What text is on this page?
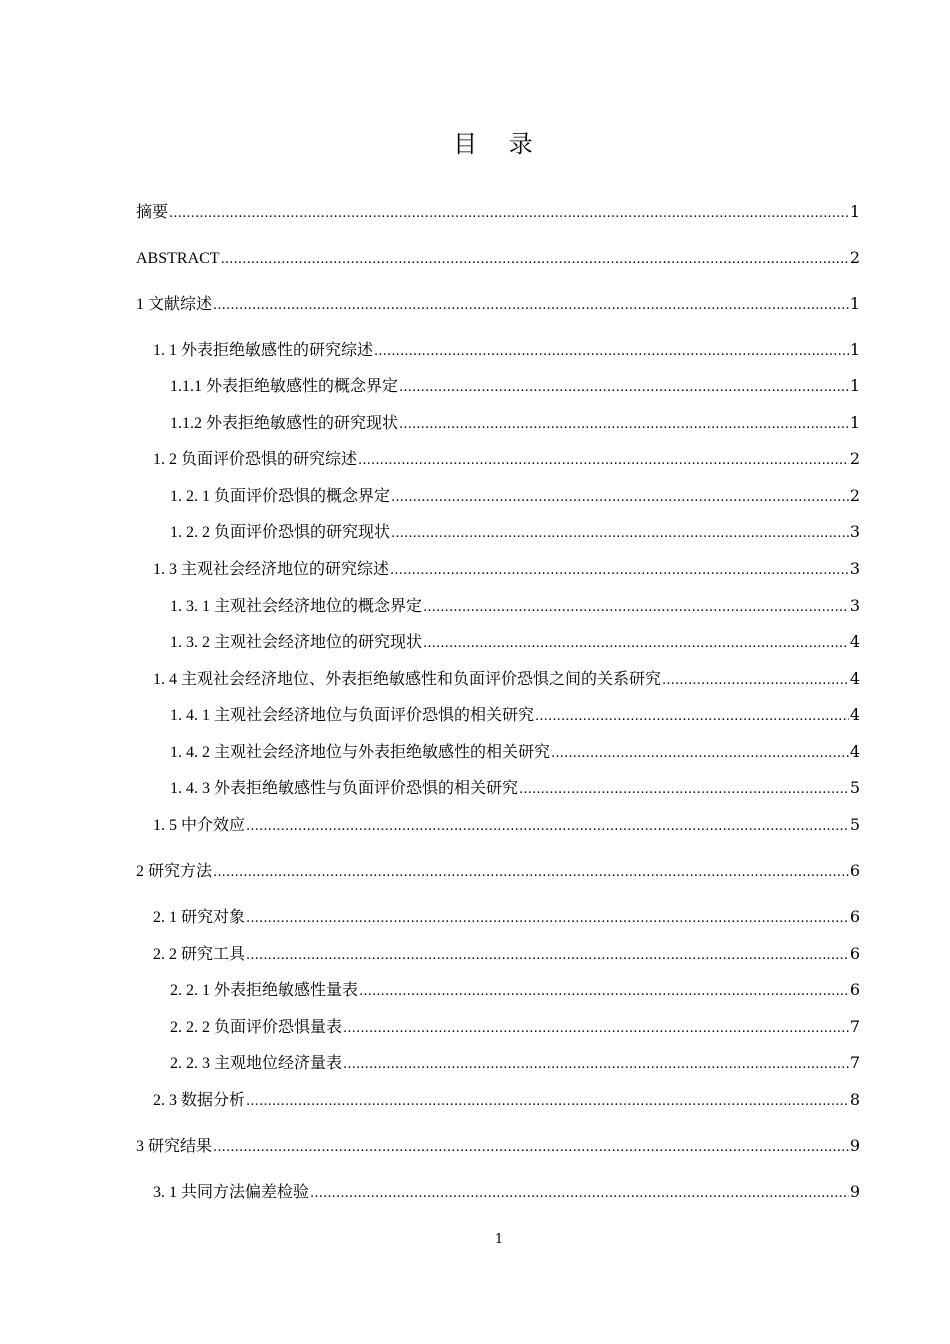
目 录
摘要 .....	1
ABSTRACT .....	2
1 文献综述 .....	1
1. 1 外表拒绝敏感性的研究综述 .....	1
1.1.1 外表拒绝敏感性的概念界定 .....	1
1.1.2 外表拒绝敏感性的研究现状 .....	1
1. 2 负面评价恐惧的研究综述 .....	2
1. 2. 1 负面评价恐惧的概念界定 .....	2
1. 2. 2 负面评价恐惧的研究现状 .....	3
1. 3 主观社会经济地位的研究综述 .....	3
1. 3. 1 主观社会经济地位的概念界定 .....	3
1. 3. 2 主观社会经济地位的研究现状 .....	4
1. 4 主观社会经济地位、外表拒绝敏感性和负面评价恐惧之间的关系研究 .....	4
1. 4. 1 主观社会经济地位与负面评价恐惧的相关研究 .....	4
1. 4. 2 主观社会经济地位与外表拒绝敏感性的相关研究 .....	4
1. 4. 3 外表拒绝敏感性与负面评价恐惧的相关研究 .....	5
1. 5 中介效应 .....	5
2 研究方法 .....	6
2. 1 研究对象 .....	6
2. 2 研究工具 .....	6
2. 2. 1 外表拒绝敏感性量表 .....	6
2. 2. 2 负面评价恐惧量表 .....	7
2. 2. 3 主观地位经济量表 .....	7
2. 3 数据分析 .....	8
3 研究结果 .....	9
3. 1 共同方法偏差检验 .....	9
1
